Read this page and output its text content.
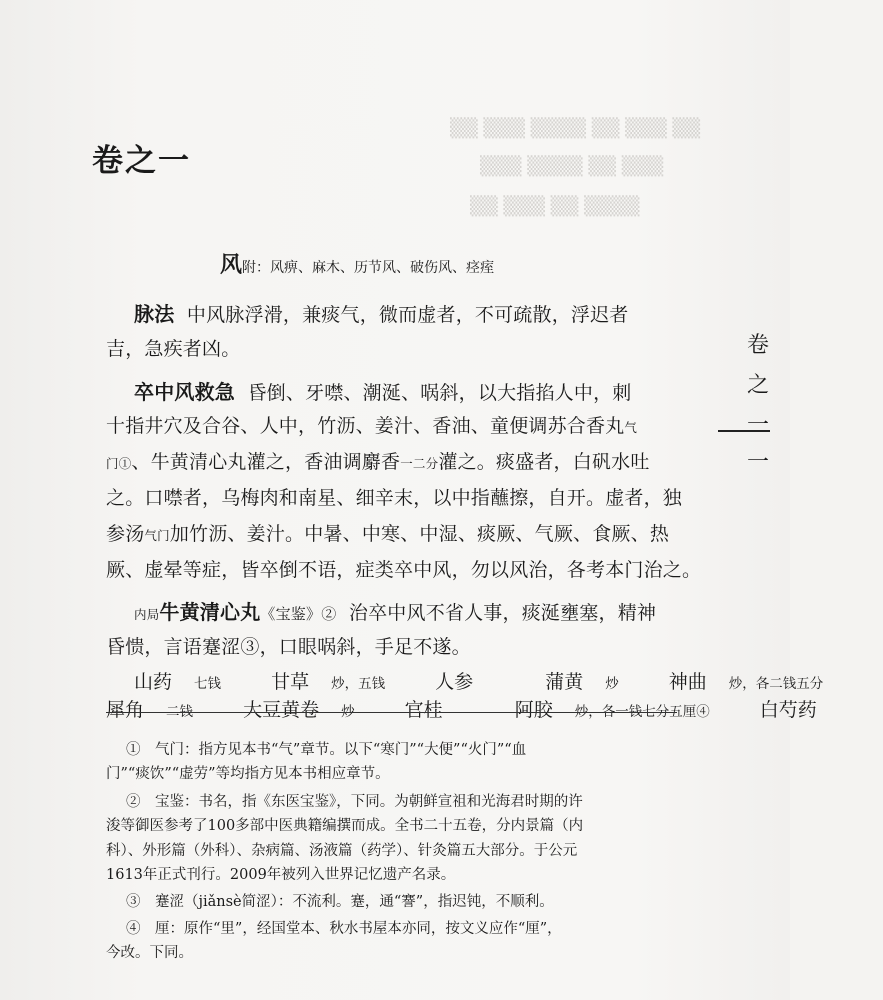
▒▒ ▒▒▒ ▒▒▒▒ ▒▒ ▒▒▒ ▒▒
▒▒▒ ▒▒▒▒ ▒▒ ▒▒▒
▒▒ ▒▒▒ ▒▒ ▒▒▒▒
卷之一
风附：风痹、麻木、历节风、破伤风、痉痓
脉法 中风脉浮滑，兼痰气，微而虚者，不可疏散，浮迟者
吉，急疾者凶。
卒中风救急 昏倒、牙噤、潮涎、㖞斜，以大指掐人中，刺
十指井穴及合谷、人中，竹沥、姜汁、香油、童便调苏合香丸气
门①、牛黄清心丸灌之，香油调麝香一二分灌之。痰盛者，白矾水吐
之。口噤者，乌梅肉和南星、细辛末，以中指蘸擦，自开。虚者，独
参汤气门加竹沥、姜汁。中暑、中寒、中湿、痰厥、气厥、食厥、热
厥、虚晕等症，皆卒倒不语，症类卒中风，勿以风治，各考本门治之。
内局牛黄清心丸《宝鉴》② 治卒中风不省人事，痰涎壅塞，精神
昏愦，言语蹇涩③，口眼㖞斜，手足不遂。
山药 七钱	甘草 炒，五钱	人参	蒲黄 炒	神曲 炒，各二钱五分
犀角 二钱	大豆黄卷 炒	官桂	阿胶 炒，各一钱七分五厘④	白芍药
卷
之
一
一
①　气门：指方见本书“气”章节。以下“寒门”“大便”“火门”“血
门”“痰饮”“虚劳”等均指方见本书相应章节。
②　宝鉴：书名，指《东医宝鉴》，下同。为朝鲜宣祖和光海君时期的许
浚等御医参考了100多部中医典籍编撰而成。全书二十五卷，分内景篇（内
科）、外形篇（外科）、杂病篇、汤液篇（药学）、针灸篇五大部分。于公元
1613年正式刊行。2009年被列入世界记忆遗产名录。
③　蹇涩（jiǎnsè简涩）：不流利。蹇，通“謇”，指迟钝，不顺利。
④　厘：原作“里”，经国堂本、秋水书屋本亦同，按文义应作“厘”，
今改。下同。
